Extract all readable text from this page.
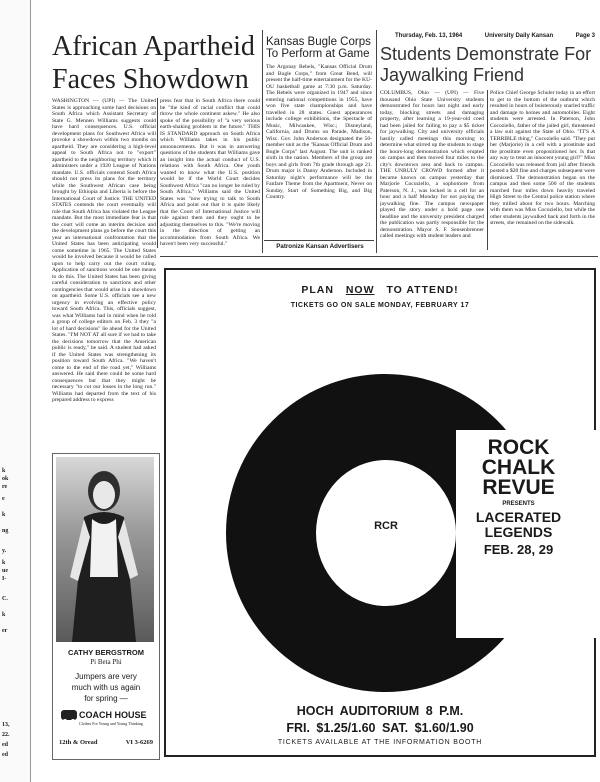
k
ok
re
e
k
ng
y.
k
ue
I-
C.
k
er
13,
22.
ed
ed
Thursday, Feb. 13, 1964	University Daily Kansan	Page 3
African Apartheid Faces Showdown
WASHINGTON — (UPI) — The United States is approaching some hard decisions on South Africa which Assistant Secretary of State G. Mennen Williams suggests could have hard consequences. U.S. official development plans for Southwest Africa will provoke a showdown within two months on apartheid. They are considering a high-level appeal to South Africa not to "export" apartheid to the neighboring territory which it administers under a 1920 League of Nations mandate. U.S. officials contend South Africa should not press its plans for the territory while the Southwest African case being brought by Ethiopia and Liberia is before the International Court of Justice. THE UNITED STATES contends the court eventually will rule that South Africa has violated the League mandate. But the most immediate fear is that the court will come an interim decision and the development plans go before the court this year an international confrontation that the United States has been anticipating would come sometime in 1965. The United States would be involved because it would be called upon to help carry out the court ruling. Application of sanctions would be one means to do this. The United States has been giving careful consideration to sanctions and other contingencies that would arise in a showdown on apartheid. Some U.S. officials see a new urgency in evolving an effective policy toward South Africa. This, officials suggest, was what Williams had in mind when he told a group of college editors on Feb. 3 they "a lot of hard decisions" lie ahead for the United States. "I'M NOT AT all sure if we had to take the decisions tomorrow that the American public is ready," he said. A student had asked if the United States was strengthening its position toward South Africa. "We haven't come to the end of the road yet," Williams answered. He said there could be some hard consequences but that they might be necessary "to cut our losses in the long run." Williams had departed from the text of his prepared address to express
press fear that in South Africa there could be "the kind of racial conflict that could throw the whole continent askew." He also spoke of the possibility of "a very serious earth-shaking problem in the future." THIS IS STANDARD approach on South Africa which Williams takes in his public announcements. But it was in answering questions of the students that Williams gave an insight into the actual conduct of U.S. relations with South Africa. One youth wanted to know what the U.S. position would be if the World Court decides Southwest Africa "can no longer be ruled by South Africa." Williams said the United States was "now trying to talk to South Africa and point out that it is quite likely that the Court of International Justice will rule against them and they ought to be adjusting themselves to this. "We're moving in the direction of getting an accommodation from South Africa. We haven't been very successful."
Kansas Bugle Corps To Perform at Game
The Argonay Rebels, "Kansas Official Drum and Bugle Corps," from Great Bend, will present the half-time entertainment for the KU-OU basketball game at 7:30 p.m. Saturday. The Rebels were organized in 1947 and since entering national competitions in 1955, have won five state championships and have travelled in 28 states. Guest appearances include college exhibitions, the Spectacle of Music, Milwaukee, Wisc.; Disneyland, California, and Drums on Parade, Madison, Wisc. Gov. John Anderson designated the 50-member unit as the "Kansas Official Drum and Bugle Corps" last August. The unit is ranked sixth in the nation. Members of the group are boys and girls from 7th grade through age 21. Drum major is Danny Anderson. Included in Saturday night's performance will be the Fanfare Theme from the Apartment, Never on Sunday, Start of Something Big, and Big Country.
Patronize Kansan Advertisers
Students Demonstrate For Jaywalking Friend
COLUMBUS, Ohio — (UPI) — Five thousand Ohio State University students demonstrated for hours last night and early today, blocking streets and damaging property, after learning a 19-year-old coed had been jailed for failing to pay a $5 ticket for jaywalking. City and university officials hastily called meetings this morning to determine what stirred up the students to stage the hours-long demonstration which erupted on campus and then moved four miles to the city's downtown area and back to campus. THE UNRULY CROWD formed after it became known on campus yesterday that Marjorie Cocoziello, a sophomore from Paterson, N. J., was locked in a cell for an hour and a half Monday for not paying the jaywalking fine. The campus newspaper played the story under a bold page one headline and the university president charged the publication was partly responsible for the demonstration. Mayor S. F. Sensenbrenner called meetings with student leaders and
Police Chief George Schuler today in an effort to get to the bottom of the outburst which resulted in hours of boisterously snarled traffic and damage to homes and automobiles. Eight students were arrested. In Paterson, John Cocoziello, father of the jailed girl, threatened a law suit against the State of Ohio. "IT'S A TERRIBLE thing," Cocoziello said. "They put her (Marjorie) in a cell with a prostitute and the prostitute even propositioned her. Is that any way to treat an innocent young girl?" Miss Cocoziello was released from jail after friends posted a $20 fine and charges subsequent were dismissed. The demonstration began on the campus and then some 500 of the students marched four miles down heavily traveled High Street to the Central police station where they milled about for two hours. Marching with them was Miss Cocoziello, but while the other students jaywalked back and forth in the streets, she remained on the sidewalk.
CATHY BERGSTROM
Pi Beta Phi
Jumpers are very
much with us again
for spring —
COACH HOUSE
Clothes For Young and Young Thinking
12th & Oread	VI 3-6269
PLAN NOW TO ATTEND!
TICKETS GO ON SALE MONDAY, FEBRUARY 17
RCR
ROCK
CHALK
REVUE
PRESENTS
LACERATED
LEGENDS
FEB. 28, 29
HOCH AUDITORIUM 8 P.M.
FRI. $1.25/1.60 SAT. $1.60/1.90
TICKETS AVAILABLE AT THE INFORMATION BOOTH
